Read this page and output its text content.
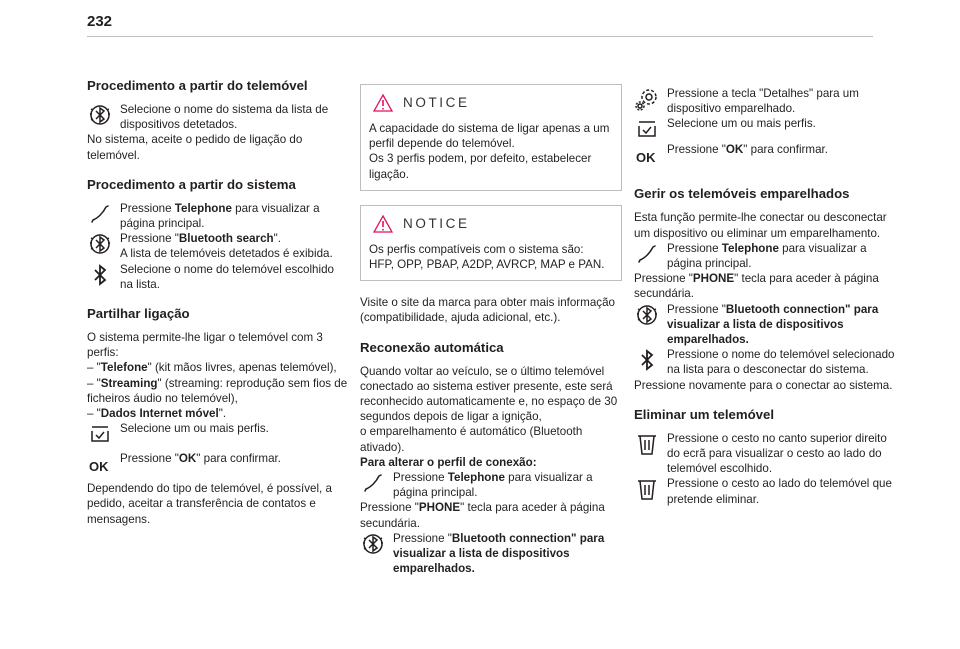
232
Procedimento a partir do telemóvel

Selecione o nome do sistema da lista de dispositivos detetados.

No sistema, aceite o pedido de ligação do telemóvel.

Procedimento a partir do sistema

Pressione Telephone para visualizar a página principal.

Pressione "Bluetooth search".
A lista de telemóveis detetados é exibida.

Selecione o nome do telemóvel escolhido na lista.

Partilhar ligação

O sistema permite-lhe ligar o telemóvel com 3 perfis:

– "Telefone" (kit mãos livres, apenas telemóvel),

– "Streaming" (streaming: reprodução sem fios de ficheiros áudio no telemóvel),

– "Dados Internet móvel".

Selecione um ou mais perfis.

OK

Pressione "OK" para confirmar.

Dependendo do tipo de telemóvel, é possível, a pedido, aceitar a transferência de contatos e mensagens.

NOTICE

A capacidade do sistema de ligar apenas a um perfil depende do telemóvel.

Os 3 perfis podem, por defeito, estabelecer ligação.

NOTICE

Os perfis compatíveis com o sistema são: HFP, OPP, PBAP, A2DP, AVRCP, MAP e PAN.

Visite o site da marca para obter mais informação (compatibilidade, ajuda adicional, etc.).

Reconexão automática

Quando voltar ao veículo, se o último telemóvel conectado ao sistema estiver presente, este será reconhecido automaticamente e, no espaço de 30 segundos depois de ligar a ignição,

o emparelhamento é automático (Bluetooth ativado).

Para alterar o perfil de conexão:

Pressione Telephone para visualizar a página principal.

Pressione "PHONE" tecla para aceder à página secundária.

Pressione "Bluetooth connection" para visualizar a lista de dispositivos emparelhados.

Pressione a tecla "Detalhes" para um dispositivo emparelhado.

Selecione um ou mais perfis.

OK

Pressione "OK" para confirmar.

Gerir os telemóveis emparelhados

Esta função permite-lhe conectar ou desconectar um dispositivo ou eliminar um emparelhamento.

Pressione Telephone para visualizar a página principal.

Pressione "PHONE" tecla para aceder à página secundária.

Pressione "Bluetooth connection" para visualizar a lista de dispositivos emparelhados.

Pressione o nome do telemóvel selecionado na lista para o desconectar do sistema.

Pressione novamente para o conectar ao sistema.

Eliminar um telemóvel

Pressione o cesto no canto superior direito do ecrã para visualizar o cesto ao lado do telemóvel escolhido.

Pressione o cesto ao lado do telemóvel que pretende eliminar.
